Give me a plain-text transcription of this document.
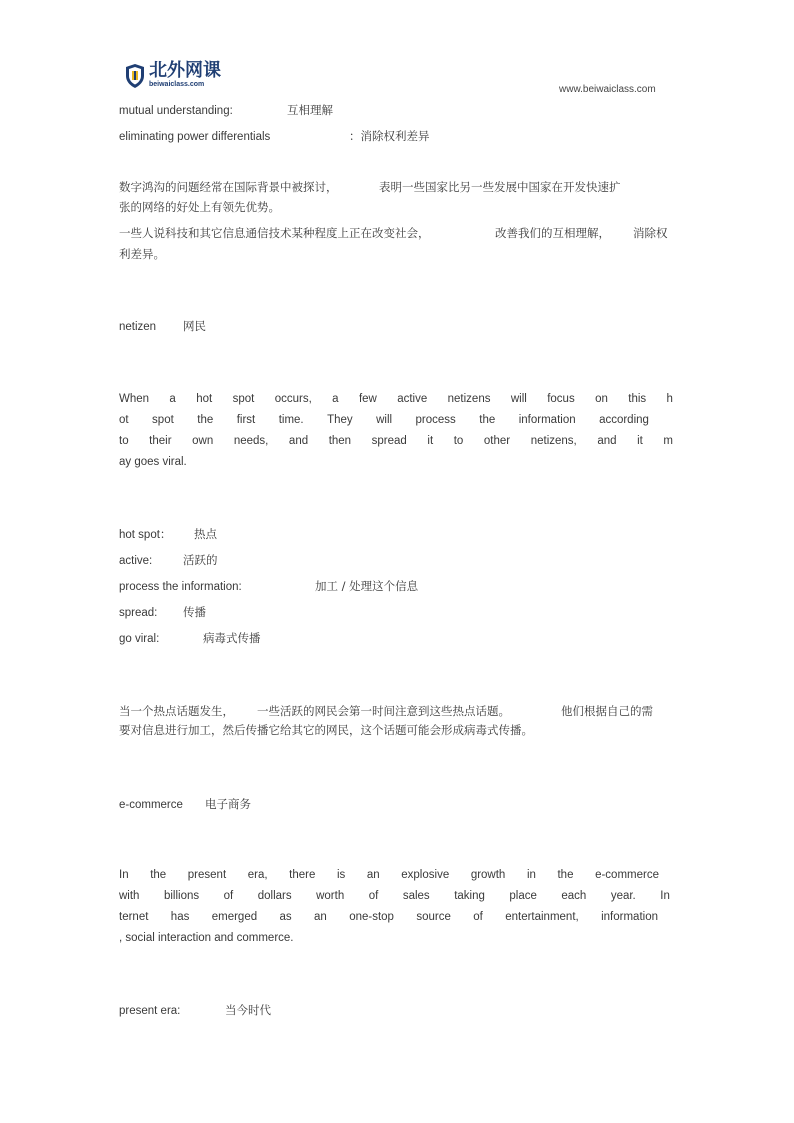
北外网课
beiwaiclass.com	www.beiwaiclass.com
mutual understanding:	互相理解
eliminating power differentials	：消除权利差异
数字鸿沟的问题经常在国际背景中被探讨，	表明一些国家比另一些发展中国家在开发快速扩
张的网络的好处上有领先优势。
一些人说科技和其它信息通信技术某种程度上正在改变社会，	改善我们的互相理解， 消除权
利差异。
netizen 网民
When a hot spot occurs, a few active netizens will focus on this h
ot spot the first time. They will process the information according
to their own needs, and then spread it to other netizens, and it m
ay goes viral.
hot spot： 热点
active:	活跃的
process the information:	加工 / 处理这个信息
spread: 传播
go viral:	病毒式传播
当一个热点话题发生， 一些活跃的网民会第一时间注意到这些热点话题。	他们根据自己的需
要对信息进行加工，然后传播它给其它的网民，这个话题可能会形成病毒式传播。
e-commerce 电子商务
In the present era, there is an explosive growth in the e-commerce
with billions of dollars worth of sales taking place each year. In
ternet has emerged as an one-stop source of entertainment, information
, social interaction and commerce.
present era:	当今时代
